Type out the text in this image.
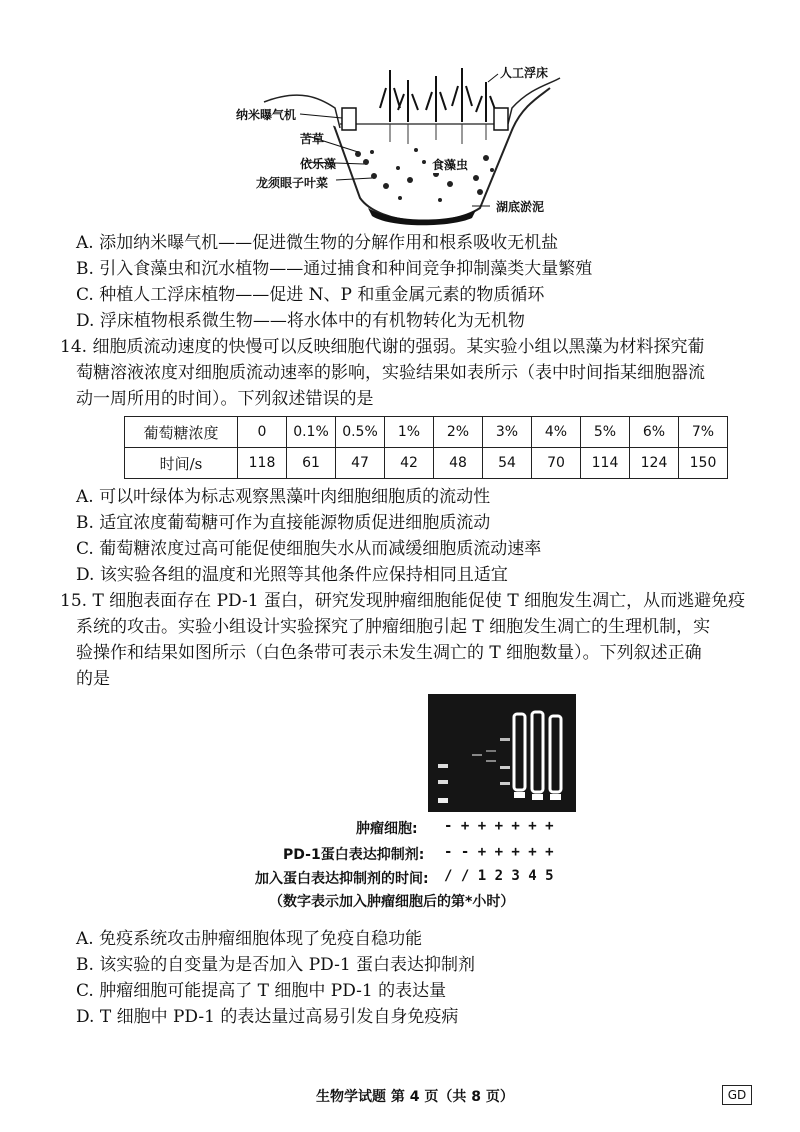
人工浮床
纳米曝气机
苦草
依乐藻	食藻虫
龙须眼子叶菜
湖底淤泥
A. 添加纳米曝气机——促进微生物的分解作用和根系吸收无机盐
B. 引入食藻虫和沉水植物——通过捕食和种间竞争抑制藻类大量繁殖
C. 种植人工浮床植物——促进 N、P 和重金属元素的物质循环
D. 浮床植物根系微生物——将水体中的有机物转化为无机物
14. 细胞质流动速度的快慢可以反映细胞代谢的强弱。某实验小组以黑藻为材料探究葡
萄糖溶液浓度对细胞质流动速率的影响，实验结果如表所示（表中时间指某细胞器流
动一周所用的时间）。下列叙述错误的是
葡萄糖浓度	0	0.1%	0.5%	1%	2%	3%	4%	5%	6%	7%
时间/s	118	61	47	42	48	54	70	114	124	150
A. 可以叶绿体为标志观察黑藻叶肉细胞细胞质的流动性
B. 适宜浓度葡萄糖可作为直接能源物质促进细胞质流动
C. 葡萄糖浓度过高可能促使细胞失水从而减缓细胞质流动速率
D. 该实验各组的温度和光照等其他条件应保持相同且适宜
15. T 细胞表面存在 PD-1 蛋白，研究发现肿瘤细胞能促使 T 细胞发生凋亡，从而逃避免疫
系统的攻击。实验小组设计实验探究了肿瘤细胞引起 T 细胞发生凋亡的生理机制，实
验操作和结果如图所示（白色条带可表示未发生凋亡的 T 细胞数量）。下列叙述正确
的是
肿瘤细胞: - + + + + + +
PD-1蛋白表达抑制剂: - - + + + + +
加入蛋白表达抑制剂的时间: / / 1 2 3 4 5
（数字表示加入肿瘤细胞后的第*小时）
A. 免疫系统攻击肿瘤细胞体现了免疫自稳功能
B. 该实验的自变量为是否加入 PD-1 蛋白表达抑制剂
C. 肿瘤细胞可能提高了 T 细胞中 PD-1 的表达量
D. T 细胞中 PD-1 的表达量过高易引发自身免疫病
生物学试题 第 4 页（共 8 页）	GD
